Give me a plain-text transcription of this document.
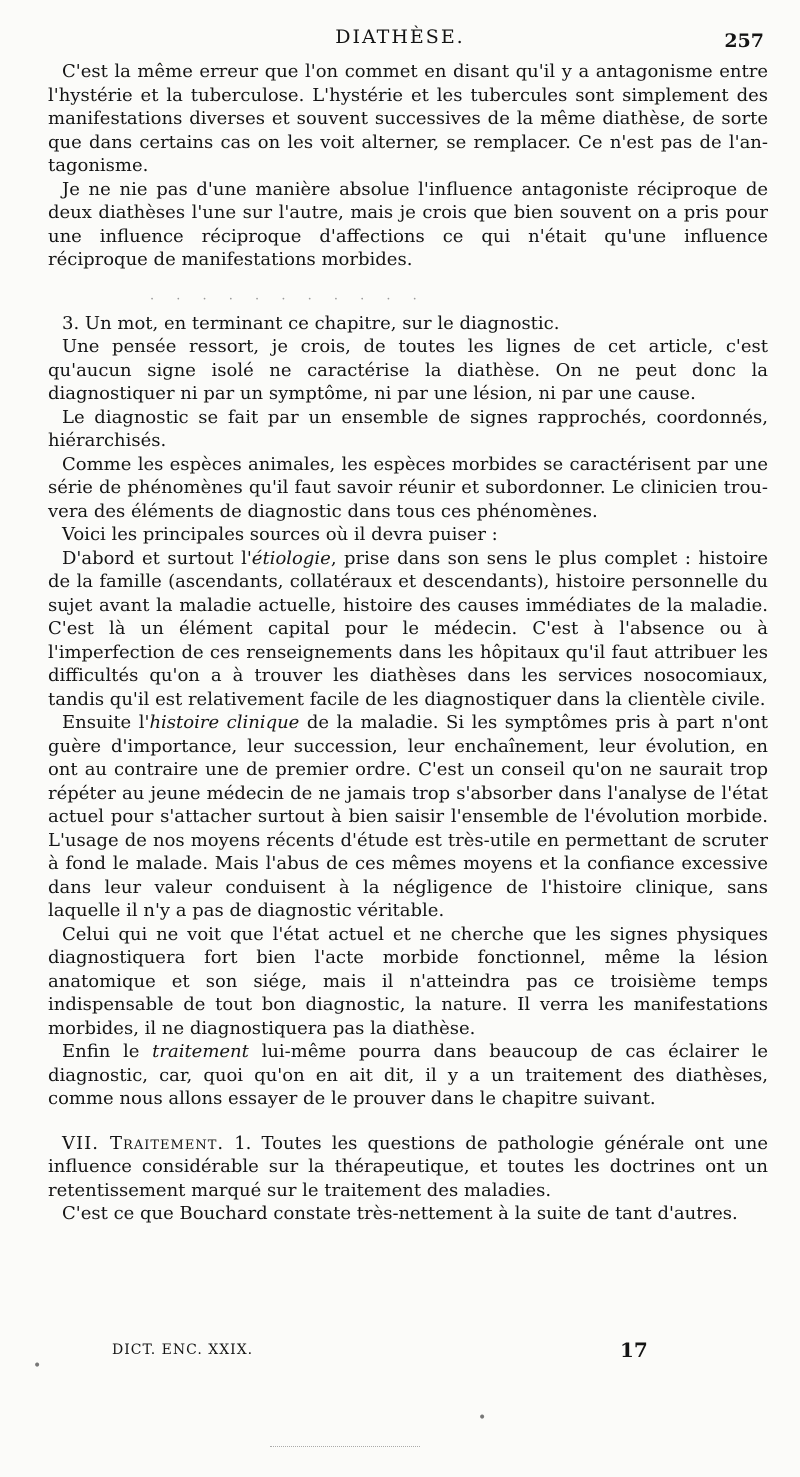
DIATHÈSE.	257

C'est la même erreur que l'on commet en disant qu'il y a antagonisme entre l'hystérie et la tuberculose. L'hystérie et les tubercules sont simplement des manifestations diverses et souvent successives de la même diathèse, de sorte que dans certains cas on les voit alterner, se remplacer. Ce n'est pas de l'antagonisme.

Je ne nie pas d'une manière absolue l'influence antagoniste réciproque de deux diathèses l'une sur l'autre, mais je crois que bien souvent on a pris pour une influence réciproque d'affections ce qui n'était qu'une influence réciproque de manifestations morbides.

3. Un mot, en terminant ce chapitre, sur le diagnostic.

Une pensée ressort, je crois, de toutes les lignes de cet article, c'est qu'aucun signe isolé ne caractérise la diathèse. On ne peut donc la diagnostiquer ni par un symptôme, ni par une lésion, ni par une cause.

Le diagnostic se fait par un ensemble de signes rapprochés, coordonnés, hiérarchisés.

Comme les espèces animales, les espèces morbides se caractérisent par une série de phénomènes qu'il faut savoir réunir et subordonner. Le clinicien trouvera des éléments de diagnostic dans tous ces phénomènes.

Voici les principales sources où il devra puiser :

D'abord et surtout l'étiologie, prise dans son sens le plus complet : histoire de la famille (ascendants, collatéraux et descendants), histoire personnelle du sujet avant la maladie actuelle, histoire des causes immédiates de la maladie. C'est là un élément capital pour le médecin. C'est à l'absence ou à l'imperfection de ces renseignements dans les hôpitaux qu'il faut attribuer les difficultés qu'on a à trouver les diathèses dans les services nosocomiaux, tandis qu'il est relativement facile de les diagnostiquer dans la clientèle civile.

Ensuite l'histoire clinique de la maladie. Si les symptômes pris à part n'ont guère d'importance, leur succession, leur enchaînement, leur évolution, en ont au contraire une de premier ordre. C'est un conseil qu'on ne saurait trop répéter au jeune médecin de ne jamais trop s'absorber dans l'analyse de l'état actuel pour s'attacher surtout à bien saisir l'ensemble de l'évolution morbide. L'usage de nos moyens récents d'étude est très-utile en permettant de scruter à fond le malade. Mais l'abus de ces mêmes moyens et la confiance excessive dans leur valeur conduisent à la négligence de l'histoire clinique, sans laquelle il n'y a pas de diagnostic véritable.

Celui qui ne voit que l'état actuel et ne cherche que les signes physiques diagnostiquera fort bien l'acte morbide fonctionnel, même la lésion anatomique et son siége, mais il n'atteindra pas ce troisième temps indispensable de tout bon diagnostic, la nature. Il verra les manifestations morbides, il ne diagnostiquera pas la diathèse.

Enfin le traitement lui-même pourra dans beaucoup de cas éclairer le diagnostic, car, quoi qu'on en ait dit, il y a un traitement des diathèses, comme nous allons essayer de le prouver dans le chapitre suivant.

VII. Traitement. 1. Toutes les questions de pathologie générale ont une influence considérable sur la thérapeutique, et toutes les doctrines ont un retentissement marqué sur le traitement des maladies.

C'est ce que Bouchard constate très-nettement à la suite de tant d'autres.

· · · · · · · · · · ·
DICT. ENC. XXIX.	17
•
•
